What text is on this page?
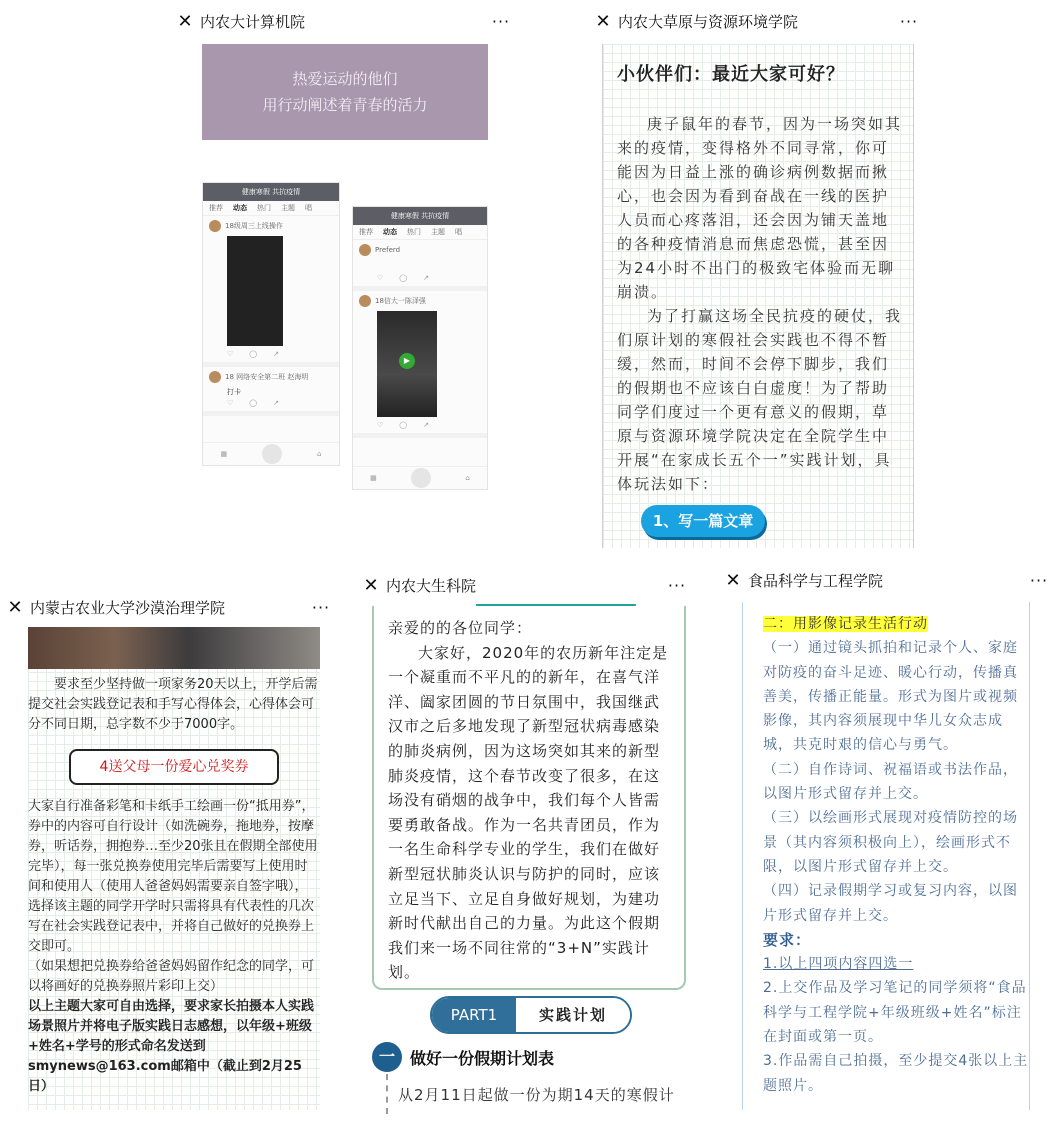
✕ 内农大计算机院	···
热爱运动的他们
用行动阐述着青春的活力
健康寒假 共抗疫情
推荐 动态 热门 主题 唱
18级周三上线操作
♡ ◯ ↗
18 网络安全第二班 赵海明
打卡
♡ ◯ ↗
▦	⌂
健康寒假 共抗疫情
推荐 动态 热门 主题 唱
Preferd
♡ ◯ ↗
18信大一陈泽强
▶
♡ ◯ ↗
▦	⌂
✕ 内农大草原与资源环境学院	···
小伙伴们：最近大家可好？

庚子鼠年的春节，因为一场突如其来的疫情，变得格外不同寻常，你可能因为日益上涨的确诊病例数据而揪心，也会因为看到奋战在一线的医护人员而心疼落泪，还会因为铺天盖地的各种疫情消息而焦虑恐慌，甚至因为24小时不出门的极致宅体验而无聊崩溃。

为了打赢这场全民抗疫的硬仗，我们原计划的寒假社会实践也不得不暂缓，然而，时间不会停下脚步，我们的假期也不应该白白虚度！为了帮助同学们度过一个更有意义的假期，草原与资源环境学院决定在全院学生中开展“在家成长五个一”实践计划，具体玩法如下：

1、写一篇文章
✕ 内蒙古农业大学沙漠治理学院	···

要求至少坚持做一项家务20天以上，开学后需提交社会实践登记表和手写心得体会，心得体会可分不同日期，总字数不少于7000字。

4送父母一份爱心兑奖券

大家自行准备彩笔和卡纸手工绘画一份“抵用券”，券中的内容可自行设计（如洗碗券，拖地券，按摩券，听话券，拥抱券…至少20张且在假期全部使用完毕），每一张兑换券使用完毕后需要写上使用时间和使用人（使用人爸爸妈妈需要亲自签字哦），选择该主题的同学开学时只需将具有代表性的几次写在社会实践登记表中，并将自己做好的兑换券上交即可。

（如果想把兑换券给爸爸妈妈留作纪念的同学，可以将画好的兑换券照片彩印上交）

以上主题大家可自由选择，要求家长拍摄本人实践场景照片并将电子版实践日志感想，以年级+班级+姓名+学号的形式命名发送到smynews@163.com邮箱中（截止到2月25日）

✕ 内农大生科院	···

亲爱的的各位同学：

大家好，2020年的农历新年注定是一个凝重而不平凡的的新年，在喜气洋洋、阖家团圆的节日氛围中，我国继武汉市之后多地发现了新型冠状病毒感染的肺炎病例，因为这场突如其来的新型肺炎疫情，这个春节改变了很多，在这场没有硝烟的战争中，我们每个人皆需要勇敢备战。作为一名共青团员，作为一名生命科学专业的学生，我们在做好新型冠状肺炎认识与防护的同时，应该立足当下、立足自身做好规划，为建功新时代献出自己的力量。为此这个假期我们来一场不同往常的“3+N”实践计划。

PART1	实践计划
一 做好一份假期计划表
从2月11日起做一份为期14天的寒假计
✕ 食品科学与工程学院	···

二：用影像记录生活行动

（一）通过镜头抓拍和记录个人、家庭对防疫的奋斗足迹、暖心行动，传播真善美，传播正能量。形式为图片或视频影像，其内容须展现中华儿女众志成城，共克时艰的信心与勇气。

（二）自作诗词、祝福语或书法作品，以图片形式留存并上交。

（三）以绘画形式展现对疫情防控的场景（其内容须积极向上），绘画形式不限，以图片形式留存并上交。

（四）记录假期学习或复习内容，以图片形式留存并上交。

要求：

1.以上四项内容四选一

2.上交作品及学习笔记的同学须将“食品科学与工程学院+年级班级+姓名”标注在封面或第一页。

3.作品需自己拍摄，至少提交4张以上主题照片。
